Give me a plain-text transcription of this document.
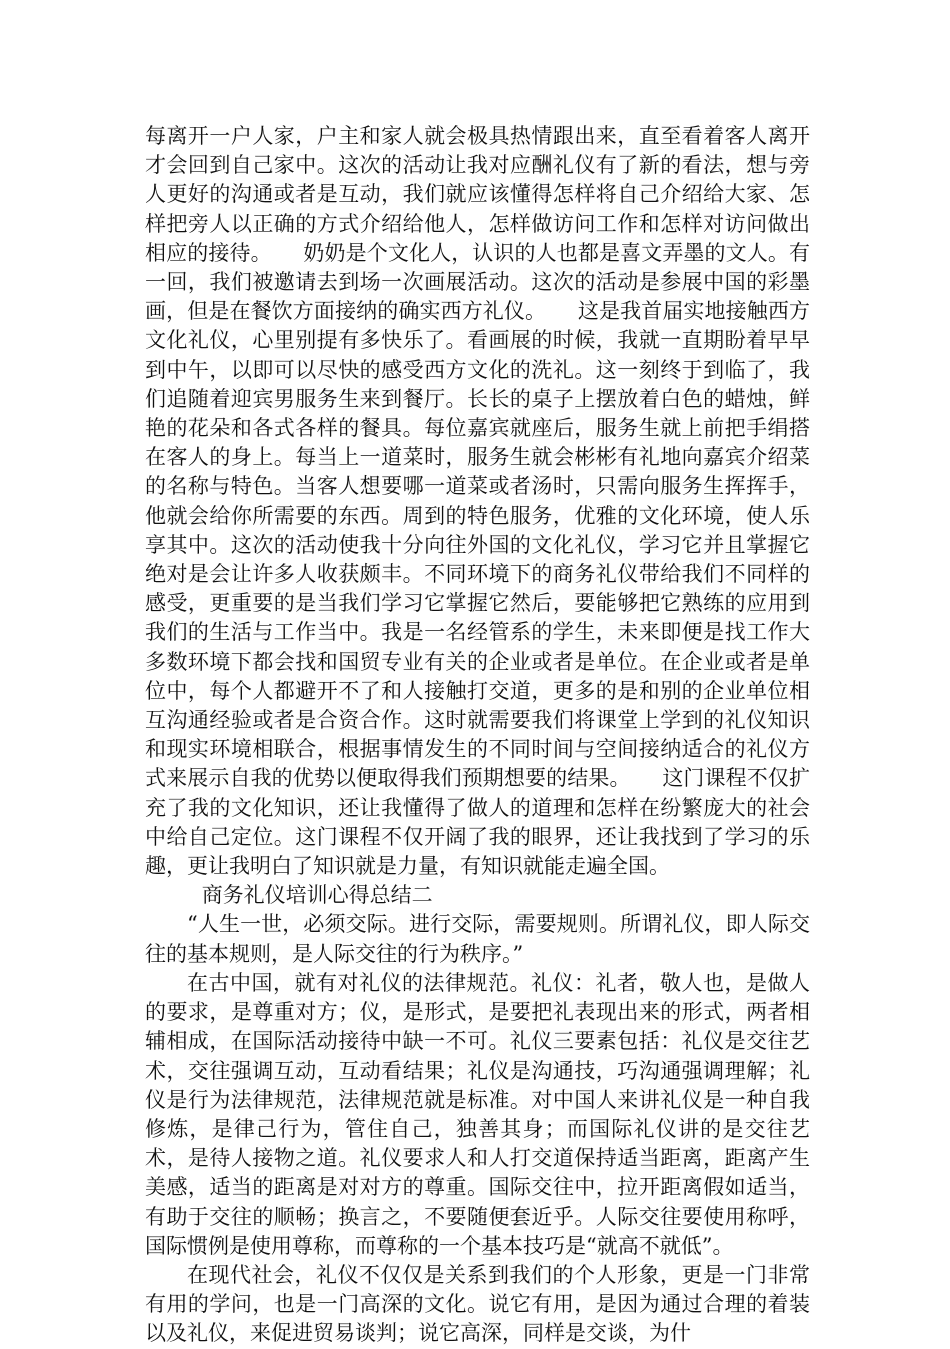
每离开一户人家，户主和家人就会极具热情跟出来，直至看着客人离开才会回到自己家中。这次的活动让我对应酬礼仪有了新的看法，想与旁人更好的沟通或者是互动，我们就应该懂得怎样将自己介绍给大家、怎样把旁人以正确的方式介绍给他人，怎样做访问工作和怎样对访问做出相应的接待。　　奶奶是个文化人，认识的人也都是喜文弄墨的文人。有一回，我们被邀请去到场一次画展活动。这次的活动是参展中国的彩墨画，但是在餐饮方面接纳的确实西方礼仪。　　这是我首届实地接触西方文化礼仪，心里别提有多快乐了。看画展的时候，我就一直期盼着早早到中午，以即可以尽快的感受西方文化的洗礼。这一刻终于到临了，我们追随着迎宾男服务生来到餐厅。长长的桌子上摆放着白色的蜡烛，鲜艳的花朵和各式各样的餐具。每位嘉宾就座后，服务生就上前把手绢搭在客人的身上。每当上一道菜时，服务生就会彬彬有礼地向嘉宾介绍菜的名称与特色。当客人想要哪一道菜或者汤时，只需向服务生挥挥手，他就会给你所需要的东西。周到的特色服务，优雅的文化环境，使人乐享其中。这次的活动使我十分向往外国的文化礼仪，学习它并且掌握它绝对是会让许多人收获颇丰。不同环境下的商务礼仪带给我们不同样的感受，更重要的是当我们学习它掌握它然后，要能够把它熟练的应用到我们的生活与工作当中。我是一名经管系的学生，未来即便是找工作大多数环境下都会找和国贸专业有关的企业或者是单位。在企业或者是单位中，每个人都避开不了和人接触打交道，更多的是和别的企业单位相互沟通经验或者是合资合作。这时就需要我们将课堂上学到的礼仪知识和现实环境相联合，根据事情发生的不同时间与空间接纳适合的礼仪方式来展示自我的优势以便取得我们预期想要的结果。　　这门课程不仅扩充了我的文化知识，还让我懂得了做人的道理和怎样在纷繁庞大的社会中给自己定位。这门课程不仅开阔了我的眼界，还让我找到了学习的乐趣，更让我明白了知识就是力量，有知识就能走遍全国。

商务礼仪培训心得总结二

“人生一世，必须交际。进行交际，需要规则。所谓礼仪，即人际交往的基本规则，是人际交往的行为秩序。”

在古中国，就有对礼仪的法律规范。礼仪：礼者，敬人也，是做人的要求，是尊重对方；仪，是形式，是要把礼表现出来的形式，两者相辅相成，在国际活动接待中缺一不可。礼仪三要素包括：礼仪是交往艺术，交往强调互动，互动看结果；礼仪是沟通技，巧沟通强调理解；礼仪是行为法律规范，法律规范就是标准。对中国人来讲礼仪是一种自我修炼，是律己行为，管住自己，独善其身；而国际礼仪讲的是交往艺术，是待人接物之道。礼仪要求人和人打交道保持适当距离，距离产生美感，适当的距离是对对方的尊重。国际交往中，拉开距离假如适当，有助于交往的顺畅；换言之，不要随便套近乎。人际交往要使用称呼，国际惯例是使用尊称，而尊称的一个基本技巧是“就高不就低”。

在现代社会，礼仪不仅仅是关系到我们的个人形象，更是一门非常有用的学问，也是一门高深的文化。说它有用，是因为通过合理的着装以及礼仪，来促进贸易谈判；说它高深，同样是交谈，为什
